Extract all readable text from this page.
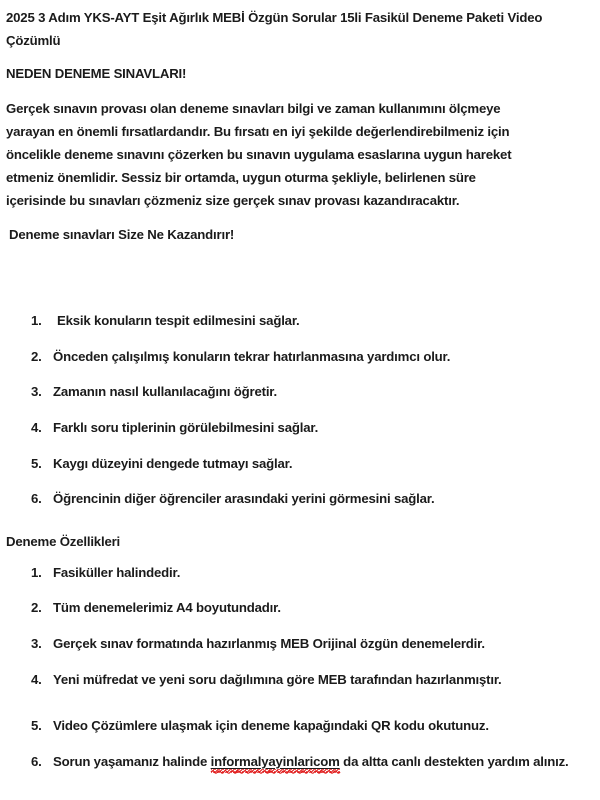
2025 3 Adım YKS-AYT Eşit Ağırlık MEBİ Özgün Sorular 15li Fasikül Deneme Paketi Video Çözümlü
NEDEN DENEME SINAVLARI!

Gerçek sınavın provası olan deneme sınavları bilgi ve zaman kullanımını ölçmeye yarayan en önemli fırsatlardandır. Bu fırsatı en iyi şekilde değerlendirebilmeniz için öncelikle deneme sınavını çözerken bu sınavın uygulama esaslarına uygun hareket etmeniz önemlidir. Sessiz bir ortamda, uygun oturma şekliyle, belirlenen süre içerisinde bu sınavları çözmeniz size gerçek sınav provası kazandıracaktır.

Deneme sınavları Size Ne Kazandırır!

1. Eksik konuların tespit edilmesini sağlar.
2. Önceden çalışılmış konuların tekrar hatırlanmasına yardımcı olur.
3. Zamanın nasıl kullanılacağını öğretir.
4. Farklı soru tiplerinin görülebilmesini sağlar.
5. Kaygı düzeyini dengede tutmayı sağlar.
6. Öğrencinin diğer öğrenciler arasındaki yerini görmesini sağlar.
Deneme Özellikleri
1. Fasiküller halindedir.
2. Tüm denemelerimiz A4 boyutundadır.
3. Gerçek sınav formatında hazırlanmış MEB Orijinal özgün denemelerdir.
4. Yeni müfredat ve yeni soru dağılımına göre MEB tarafından hazırlanmıştır.
5. Video Çözümlere ulaşmak için deneme kapağındaki QR kodu okutunuz.
6. Sorun yaşamanız halinde informalyayinlaricom
da altta canlı destekten yardım alınız.
